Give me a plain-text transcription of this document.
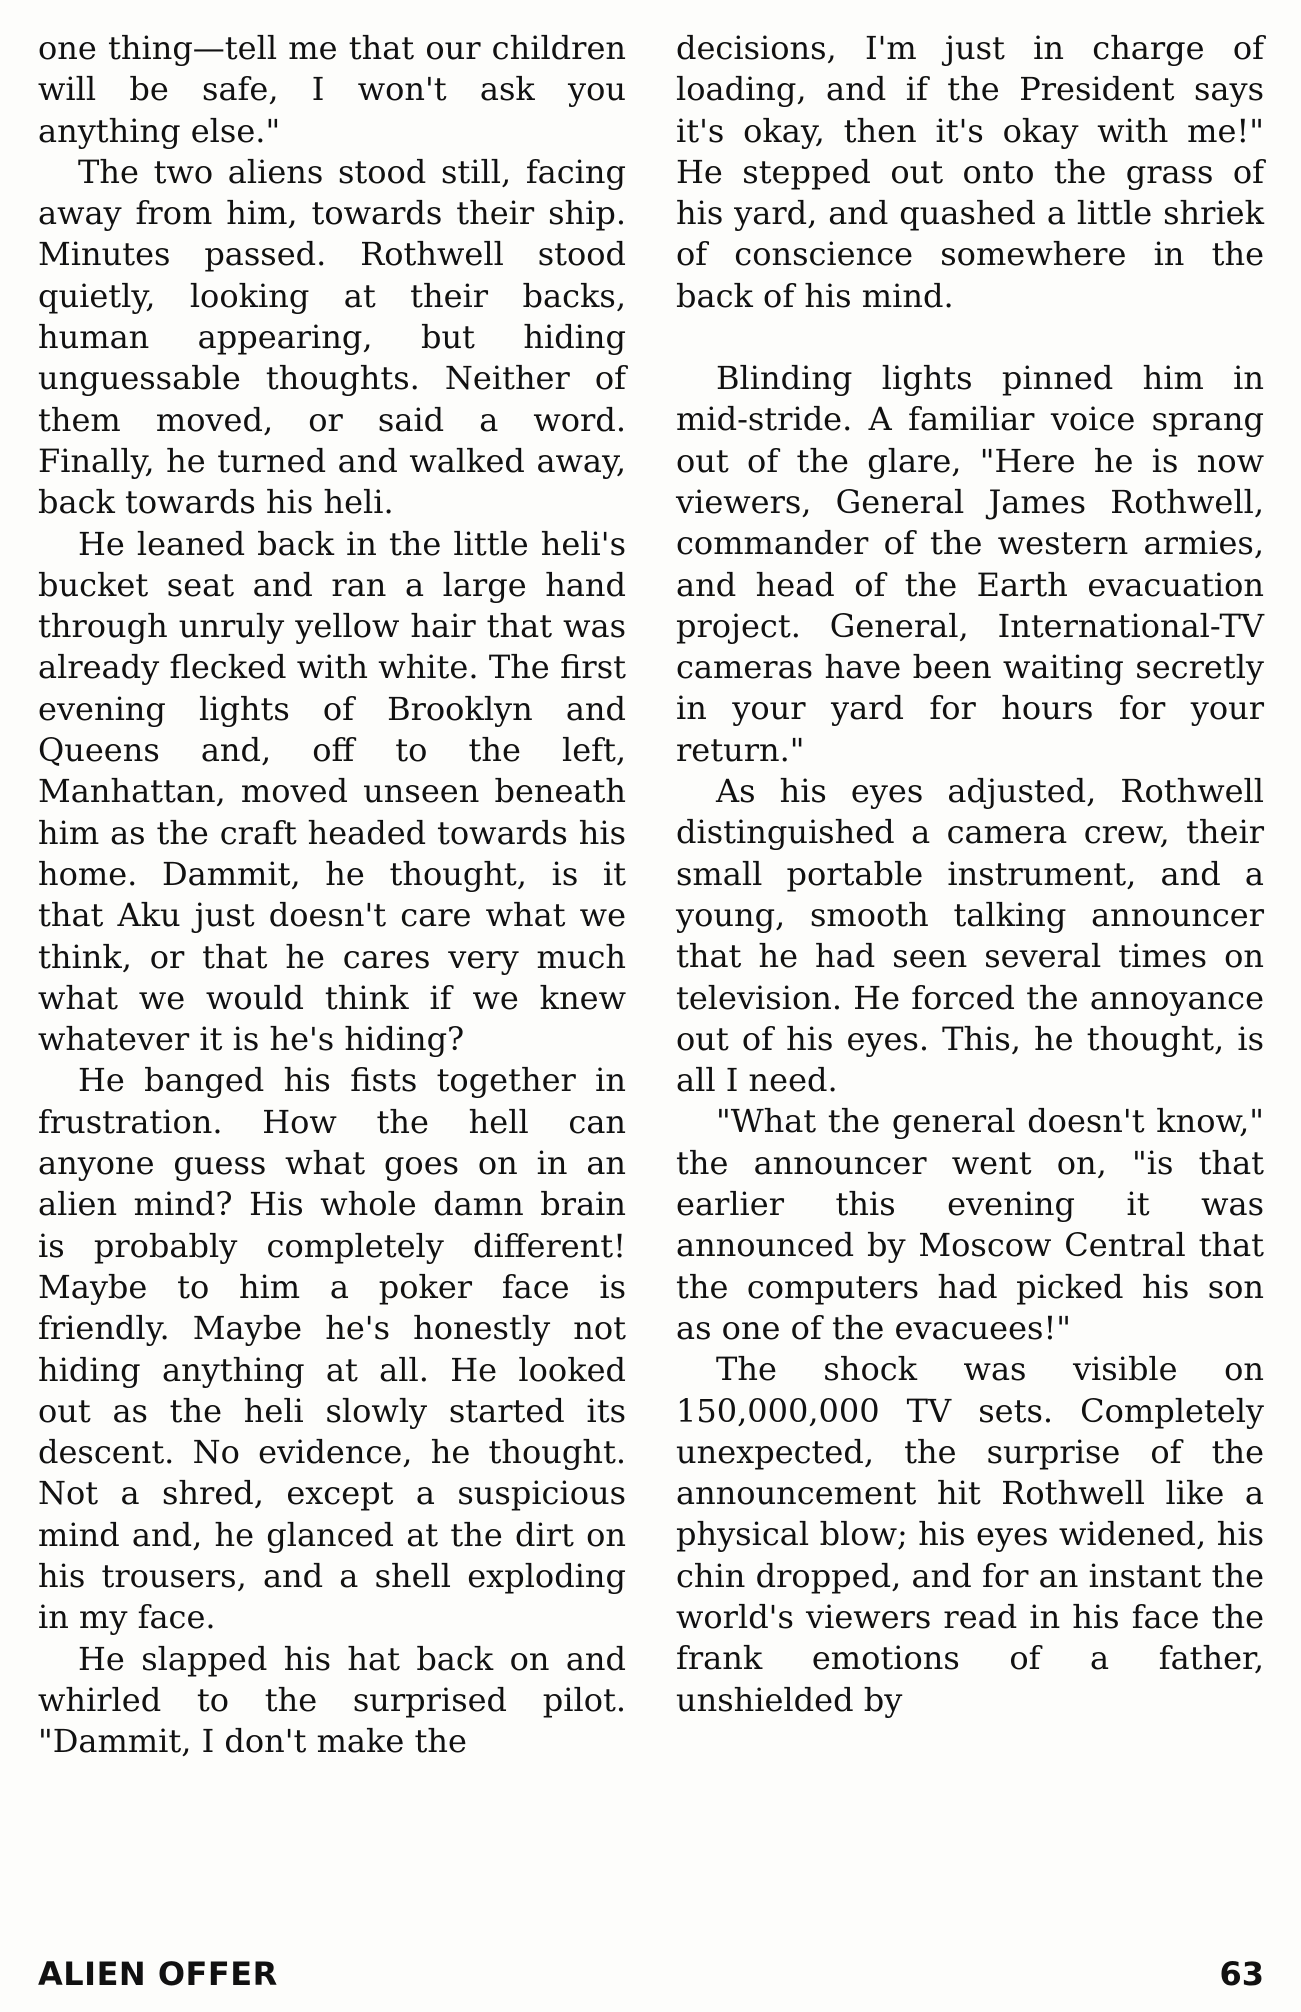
one thing—tell me that our children will be safe, I won't ask you anything else."

The two aliens stood still, facing away from him, towards their ship. Minutes passed. Rothwell stood quietly, looking at their backs, human appearing, but hiding unguessable thoughts. Neither of them moved, or said a word. Finally, he turned and walked away, back towards his heli.

He leaned back in the little heli's bucket seat and ran a large hand through unruly yellow hair that was already flecked with white. The first evening lights of Brooklyn and Queens and, off to the left, Manhattan, moved unseen beneath him as the craft headed towards his home. Dammit, he thought, is it that Aku just doesn't care what we think, or that he cares very much what we would think if we knew whatever it is he's hiding?

He banged his fists together in frustration. How the hell can anyone guess what goes on in an alien mind? His whole damn brain is probably completely different! Maybe to him a poker face is friendly. Maybe he's honestly not hiding anything at all. He looked out as the heli slowly started its descent. No evidence, he thought. Not a shred, except a suspicious mind and, he glanced at the dirt on his trousers, and a shell exploding in my face.

He slapped his hat back on and whirled to the surprised pilot. "Dammit, I don't make the

decisions, I'm just in charge of loading, and if the President says it's okay, then it's okay with me!" He stepped out onto the grass of his yard, and quashed a little shriek of conscience somewhere in the back of his mind.

Blinding lights pinned him in mid-stride. A familiar voice sprang out of the glare, "Here he is now viewers, General James Rothwell, commander of the western armies, and head of the Earth evacuation project. General, International-TV cameras have been waiting secretly in your yard for hours for your return."

As his eyes adjusted, Rothwell distinguished a camera crew, their small portable instrument, and a young, smooth talking announcer that he had seen several times on television. He forced the annoyance out of his eyes. This, he thought, is all I need.

"What the general doesn't know," the announcer went on, "is that earlier this evening it was announced by Moscow Central that the computers had picked his son as one of the evacuees!"

The shock was visible on 150,000,000 TV sets. Completely unexpected, the surprise of the announcement hit Rothwell like a physical blow; his eyes widened, his chin dropped, and for an instant the world's viewers read in his face the frank emotions of a father, unshielded by

ALIEN OFFER	63
